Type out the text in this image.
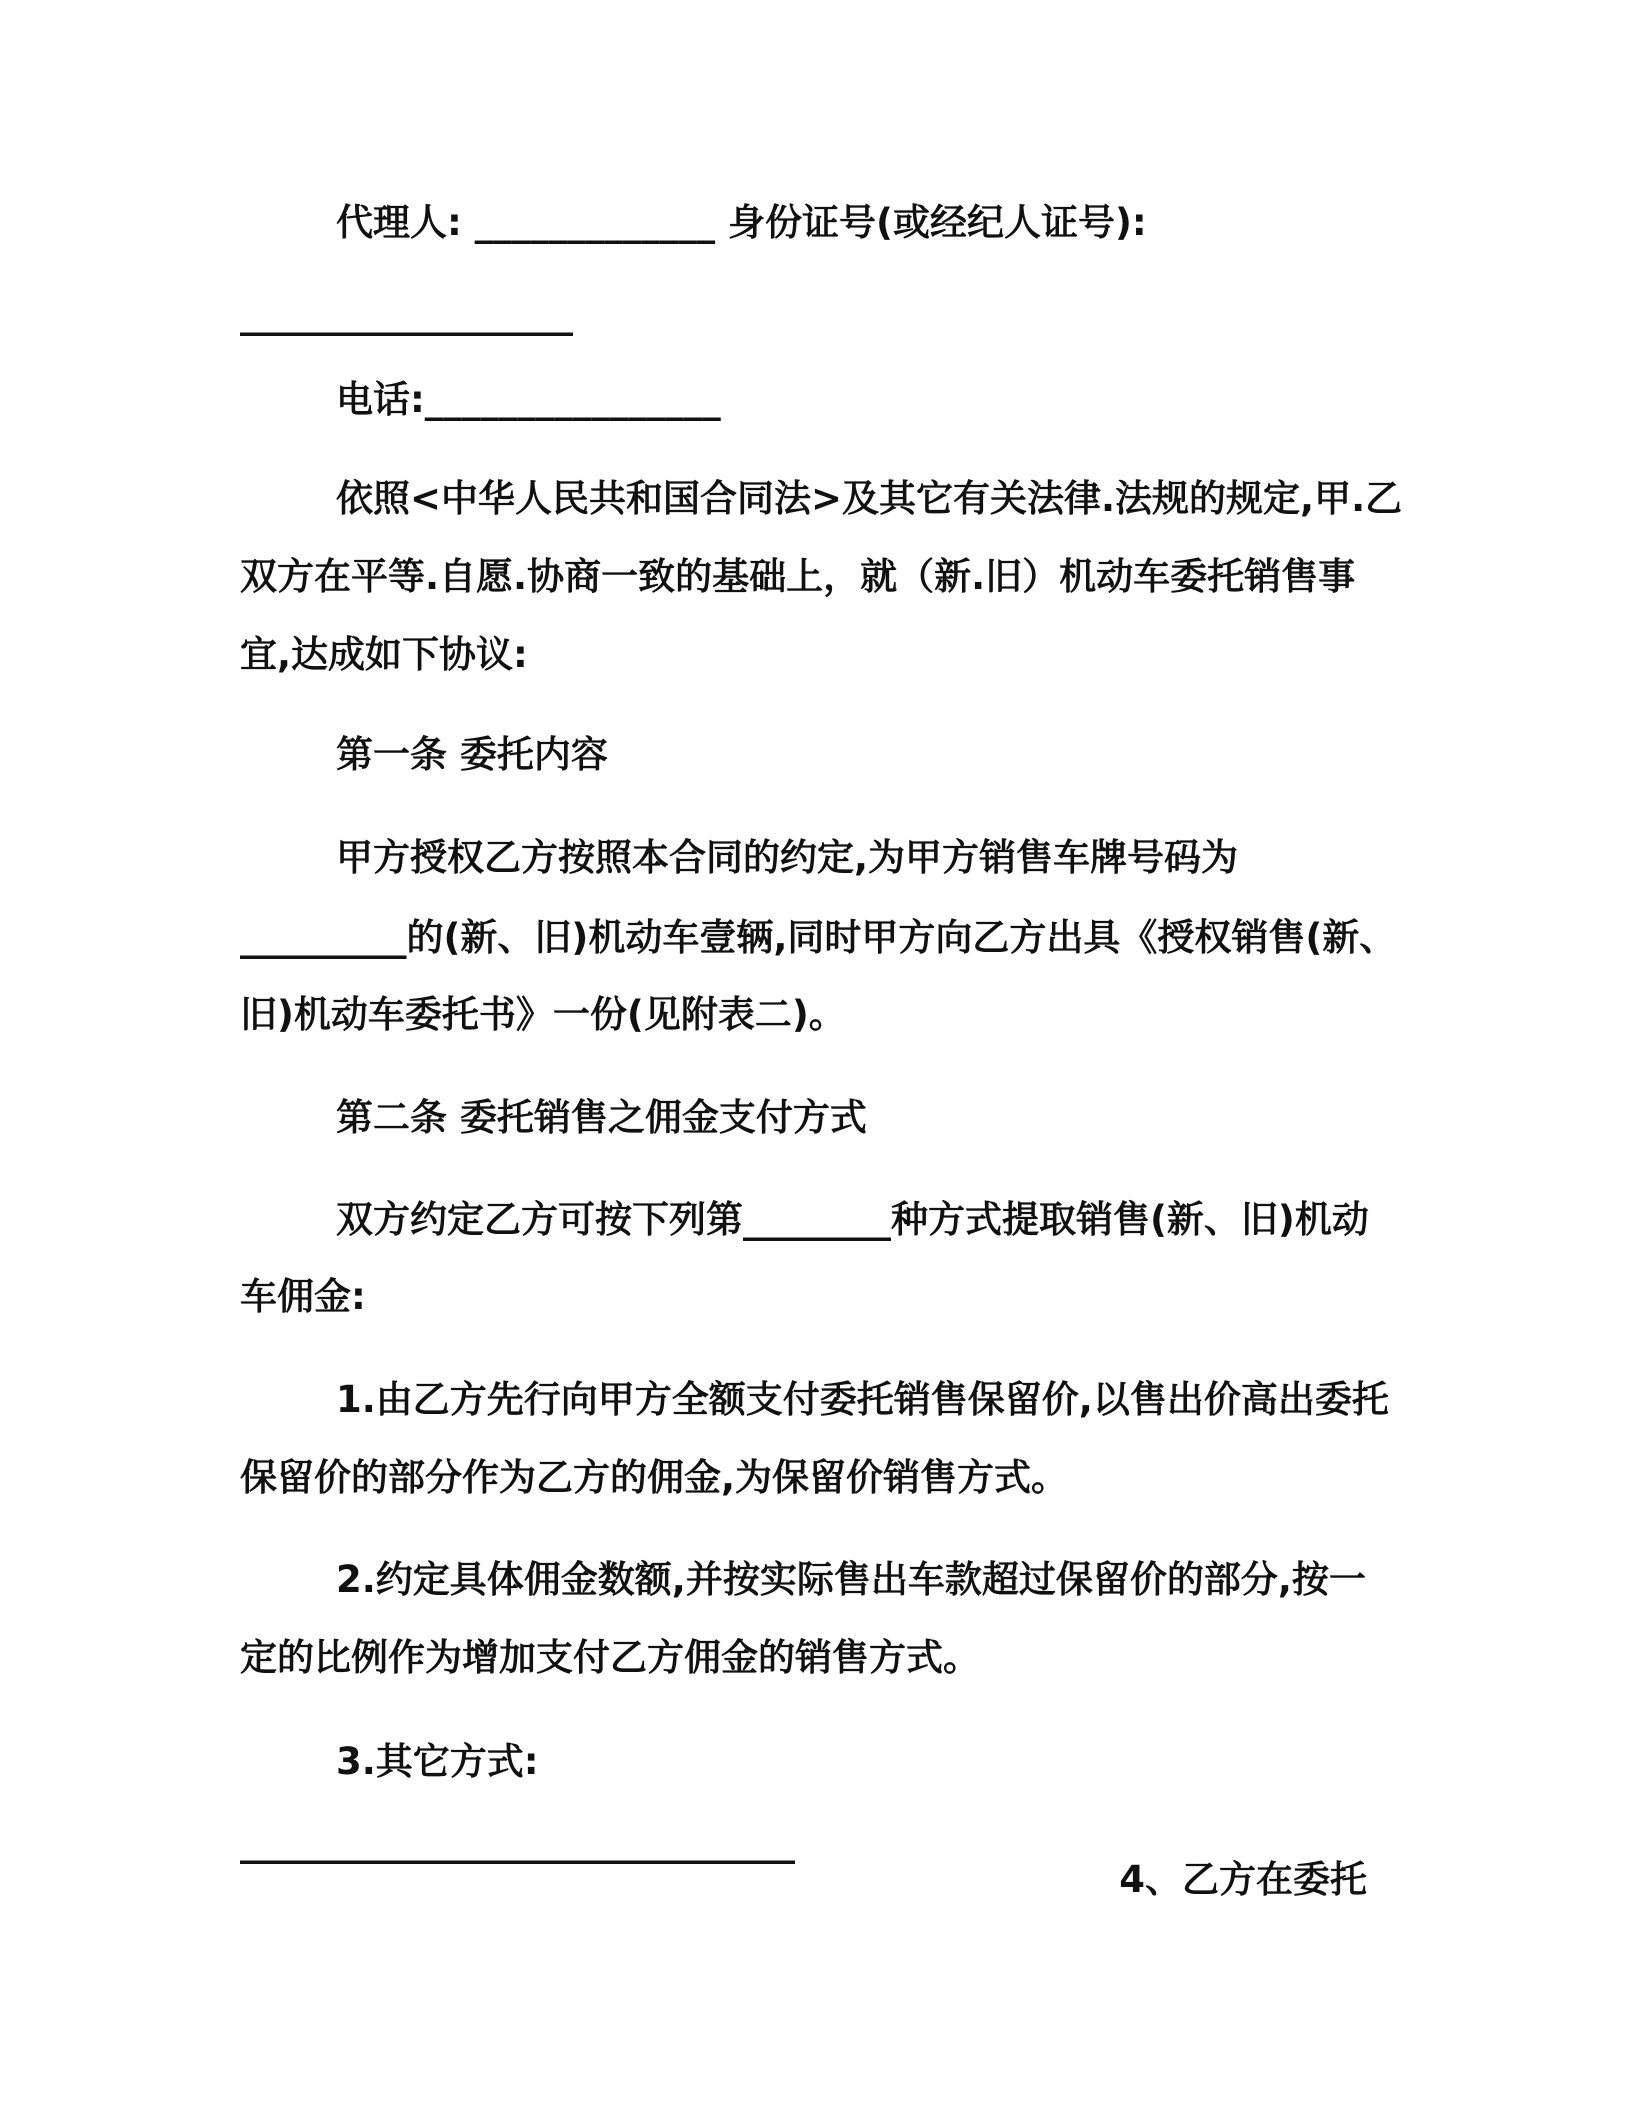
代理人: _____________ 身份证号(或经纪人证号):

__________________

电话:________________

依照<中华人民共和国合同法>及其它有关法律.法规的规定,甲.乙

双方在平等.自愿.协商一致的基础上，就（新.旧）机动车委托销售事

宜,达成如下协议:

第一条 委托内容

甲方授权乙方按照本合同的约定,为甲方销售车牌号码为

_________的(新、旧)机动车壹辆,同时甲方向乙方出具《授权销售(新、

旧)机动车委托书》一份(见附表二)。

第二条 委托销售之佣金支付方式

双方约定乙方可按下列第________种方式提取销售(新、旧)机动

车佣金:

1.由乙方先行向甲方全额支付委托销售保留价,以售出价高出委托

保留价的部分作为乙方的佣金,为保留价销售方式。

2.约定具体佣金数额,并按实际售出车款超过保留价的部分,按一

定的比例作为增加支付乙方佣金的销售方式。

3.其它方式:

______________________________

4、乙方在委托
